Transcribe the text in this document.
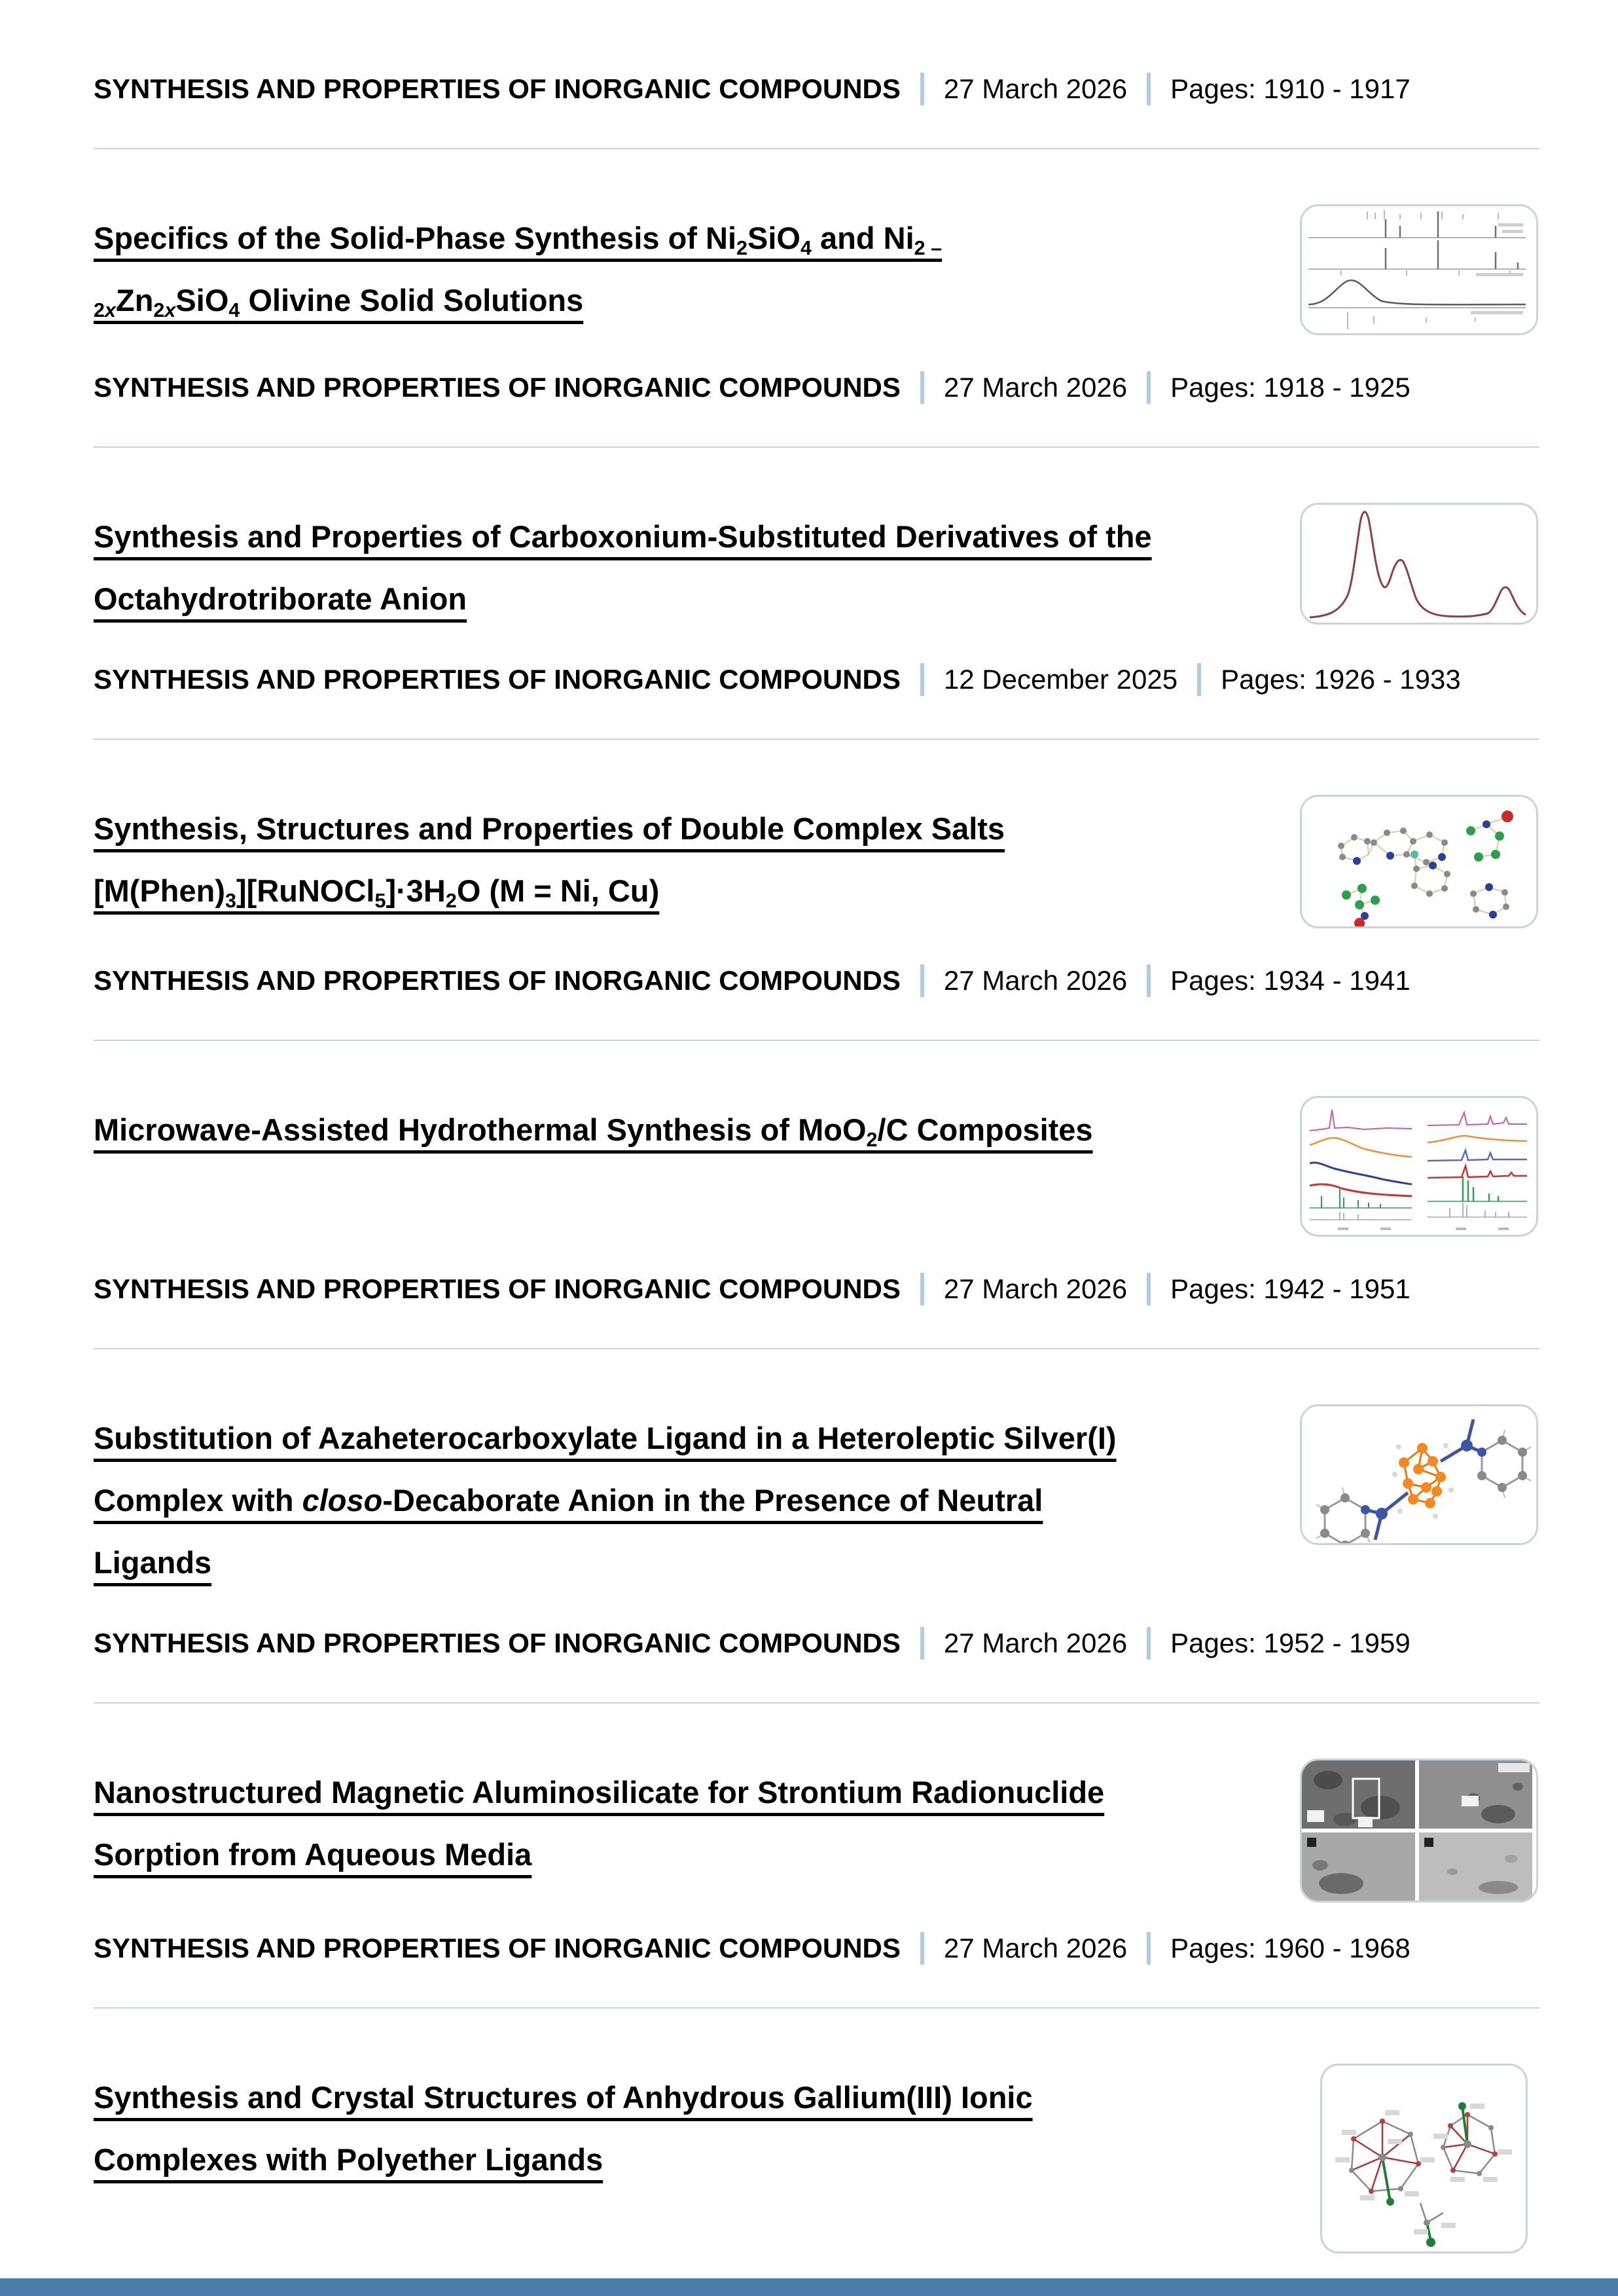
SYNTHESIS AND PROPERTIES OF INORGANIC COMPOUNDS 27 March 2026 Pages: 1910 - 1917
Specifics of the Solid-Phase Synthesis of $Ni_2SiO_4$ and $Ni_{2 -}$
$_{2x}Zn_{2x}SiO_4$ Olivine Solid Solutions
SYNTHESIS AND PROPERTIES OF INORGANIC COMPOUNDS 27 March 2026 Pages: 1918 - 1925
Synthesis and Properties of Carboxonium-Substituted Derivatives of the
Octahydrotriborate Anion
SYNTHESIS AND PROPERTIES OF INORGANIC COMPOUNDS 12 December 2025 Pages: 1926 - 1933
Synthesis, Structures and Properties of Double Complex Salts
$[M(Phen)_3][RuNOCl_5]\cdot 3H_2O$ (M = Ni, Cu)
SYNTHESIS AND PROPERTIES OF INORGANIC COMPOUNDS 27 March 2026 Pages: 1934 - 1941
Microwave-Assisted Hydrothermal Synthesis of MoO$_2$/C Composites
SYNTHESIS AND PROPERTIES OF INORGANIC COMPOUNDS 27 March 2026 Pages: 1942 - 1951
Substitution of Azaheterocarboxylate Ligand in a Heteroleptic Silver(I)
Complex with closo-Decaborate Anion in the Presence of Neutral
Ligands
SYNTHESIS AND PROPERTIES OF INORGANIC COMPOUNDS 27 March 2026 Pages: 1952 - 1959
Nanostructured Magnetic Aluminosilicate for Strontium Radionuclide
Sorption from Aqueous Media
SYNTHESIS AND PROPERTIES OF INORGANIC COMPOUNDS 27 March 2026 Pages: 1960 - 1968
Synthesis and Crystal Structures of Anhydrous Gallium(III) Ionic
Complexes with Polyether Ligands
